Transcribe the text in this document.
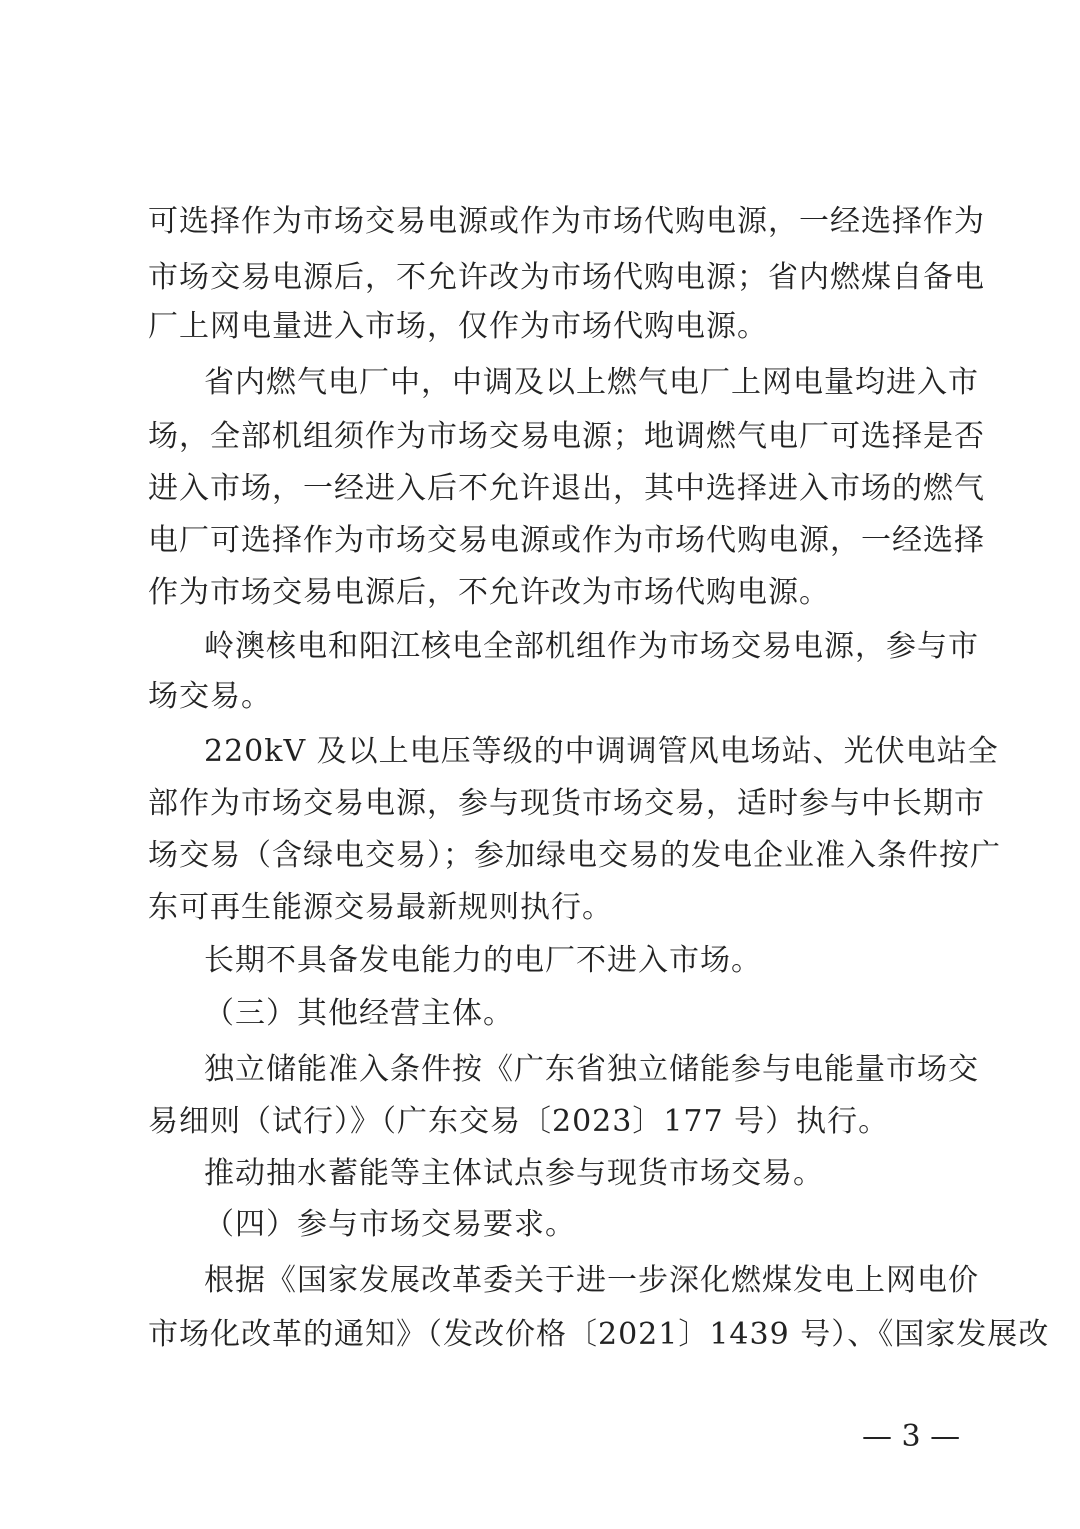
可选择作为市场交易电源或作为市场代购电源，一经选择作为
市场交易电源后，不允许改为市场代购电源；省内燃煤自备电
厂上网电量进入市场，仅作为市场代购电源。
省内燃气电厂中，中调及以上燃气电厂上网电量均进入市
场，全部机组须作为市场交易电源；地调燃气电厂可选择是否
进入市场，一经进入后不允许退出，其中选择进入市场的燃气
电厂可选择作为市场交易电源或作为市场代购电源，一经选择
作为市场交易电源后，不允许改为市场代购电源。
岭澳核电和阳江核电全部机组作为市场交易电源，参与市
场交易。
220kV 及以上电压等级的中调调管风电场站、光伏电站全
部作为市场交易电源，参与现货市场交易，适时参与中长期市
场交易（含绿电交易）；参加绿电交易的发电企业准入条件按广
东可再生能源交易最新规则执行。
长期不具备发电能力的电厂不进入市场。
（三）其他经营主体。
独立储能准入条件按《广东省独立储能参与电能量市场交
易细则（试行）》（广东交易〔2023〕177 号）执行。
推动抽水蓄能等主体试点参与现货市场交易。
（四）参与市场交易要求。
根据《国家发展改革委关于进一步深化燃煤发电上网电价
市场化改革的通知》（发改价格〔2021〕1439 号）、《国家发展改
— 3 —
